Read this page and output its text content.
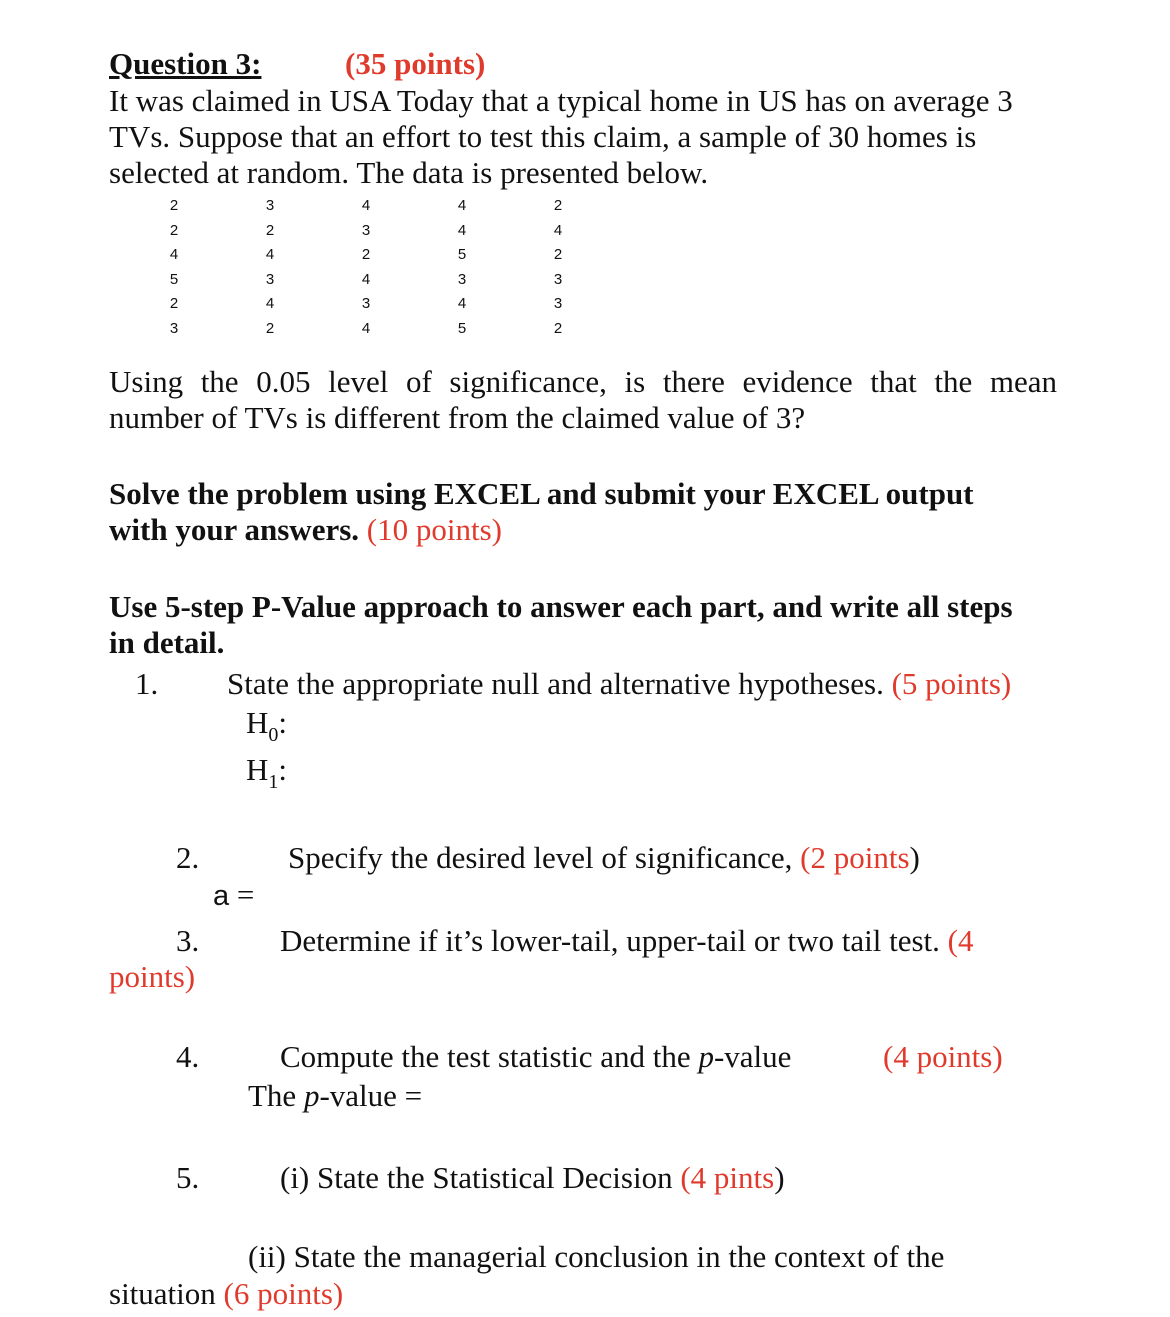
Question 3:	(35 points)
It was claimed in USA Today that a typical home in US has on average 3
TVs. Suppose that an effort to test this claim, a sample of 30 homes is
selected at random. The data is presented below.
2	3	4	4	2
2	2	3	4	4
4	4	2	5	2
5	3	4	3	3
2	4	3	4	3
3	2	4	5	2
Using the 0.05 level of significance, is there evidence that the mean
number of TVs is different from the claimed value of 3?
Solve the problem using EXCEL and submit your EXCEL output
with your answers. (10 points)
Use 5-step P-Value approach to answer each part, and write all steps
in detail.
1. State the appropriate null and alternative hypotheses. (5 points)
$H_0$:
$H_1$:
2.	Specify the desired level of significance, (2 points)
a =
3.	Determine if it’s lower-tail, upper-tail or two tail test. (4
points)
4.	Compute the test statistic and the p-value	(4 points)
The p-value =
5.	(i) State the Statistical Decision (4 pints)
(ii) State the managerial conclusion in the context of the
situation (6 points)
